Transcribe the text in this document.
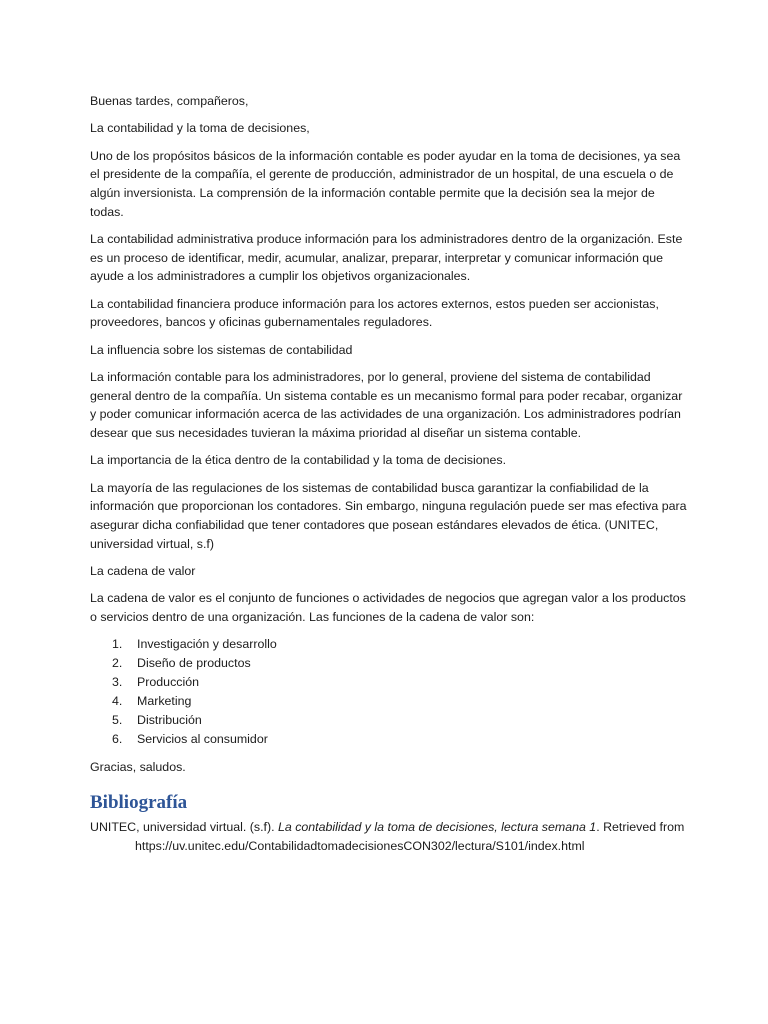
Buenas tardes, compañeros,

La contabilidad y la toma de decisiones,

Uno de los propósitos básicos de la información contable es poder ayudar en la toma de decisiones, ya sea el presidente de la compañía, el gerente de producción, administrador de un hospital, de una escuela o de algún inversionista. La comprensión de la información contable permite que la decisión sea la mejor de todas.

La contabilidad administrativa produce información para los administradores dentro de la organización. Este es un proceso de identificar, medir, acumular, analizar, preparar, interpretar y comunicar información que ayude a los administradores a cumplir los objetivos organizacionales.

La contabilidad financiera produce información para los actores externos, estos pueden ser accionistas, proveedores, bancos y oficinas gubernamentales reguladores.

La influencia sobre los sistemas de contabilidad

La información contable para los administradores, por lo general, proviene del sistema de contabilidad general dentro de la compañía. Un sistema contable es un mecanismo formal para poder recabar, organizar y poder comunicar información acerca de las actividades de una organización. Los administradores podrían desear que sus necesidades tuvieran la máxima prioridad al diseñar un sistema contable.

La importancia de la ética dentro de la contabilidad y la toma de decisiones.

La mayoría de las regulaciones de los sistemas de contabilidad busca garantizar la confiabilidad de la información que proporcionan los contadores. Sin embargo, ninguna regulación puede ser mas efectiva para asegurar dicha confiabilidad que tener contadores que posean estándares elevados de ética. (UNITEC, universidad virtual, s.f)

La cadena de valor

La cadena de valor es el conjunto de funciones o actividades de negocios que agregan valor a los productos o servicios dentro de una organización. Las funciones de la cadena de valor son:

1. Investigación y desarrollo
2. Diseño de productos
3. Producción
4. Marketing
5. Distribución
6. Servicios al consumidor

Gracias, saludos.

Bibliografía

UNITEC, universidad virtual. (s.f). La contabilidad y la toma de decisiones, lectura semana 1. Retrieved from https://uv.unitec.edu/ContabilidadtomadecisionesCON302/lectura/S101/index.html
